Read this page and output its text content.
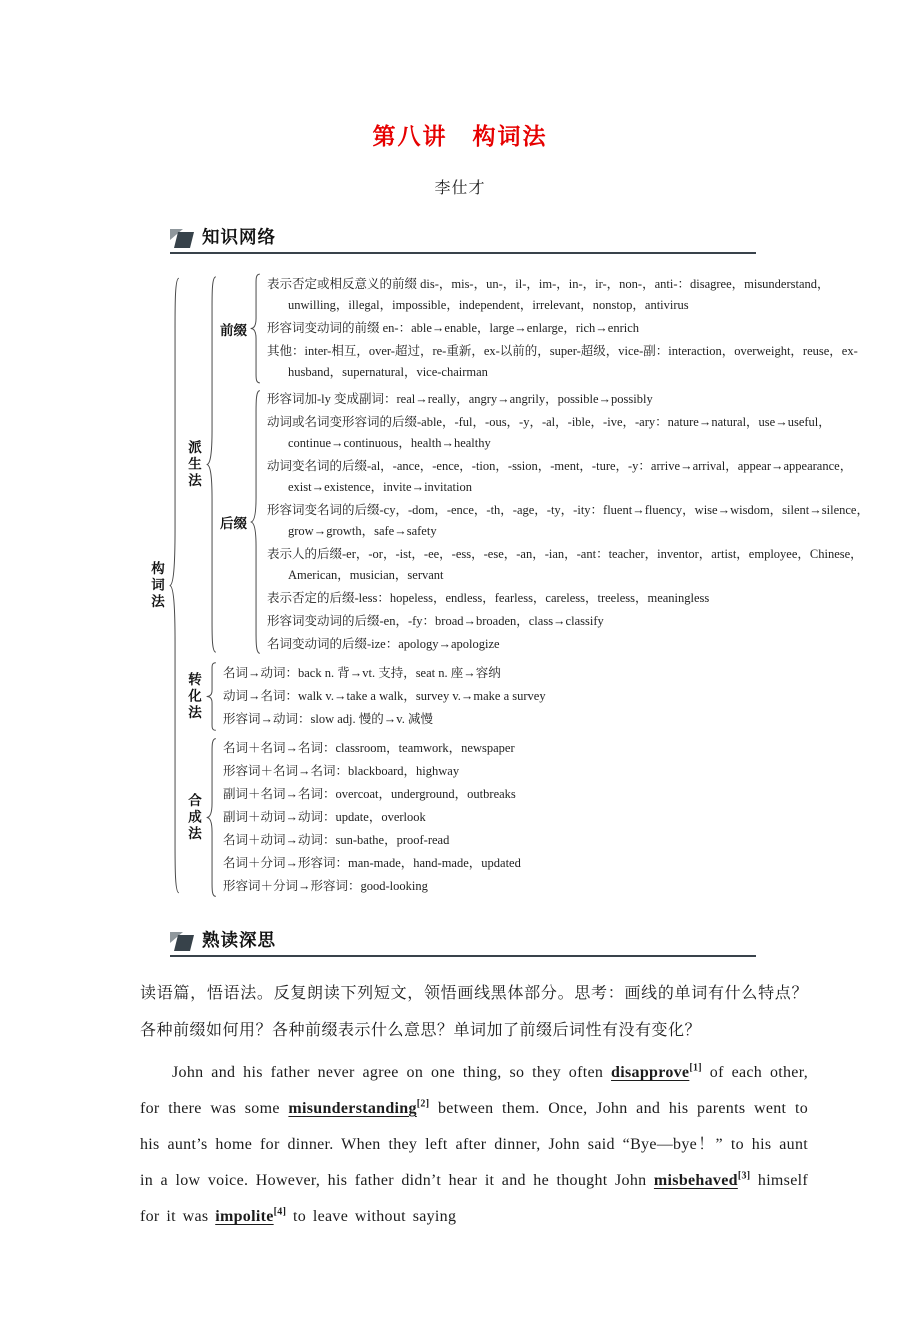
第八讲　构词法
李仕才
知识网络
构词法
派生法
前缀
表示否定或相反意义的前缀 dis-，mis-，un-，il-，im-，in-，ir-，non-，anti-：disagree，misunderstand，unwilling，illegal，impossible，independent，irrelevant，nonstop，antivirus
形容词变动词的前缀 en-：able→enable，large→enlarge，rich→enrich
其他：inter-相互，over-超过，re-重新，ex-以前的，super-超级，vice-副：interaction，overweight，reuse，ex-husband，supernatural，vice-chairman
后缀
形容词加-ly 变成副词：real→really，angry→angrily，possible→possibly
动词或名词变形容词的后缀-able，-ful，-ous，-y，-al，-ible，-ive，-ary：nature→natural，use→useful，continue→continuous，health→healthy
动词变名词的后缀-al，-ance，-ence，-tion，-ssion，-ment，-ture，-y：arrive→arrival，appear→appearance，exist→existence，invite→invitation
形容词变名词的后缀-cy，-dom，-ence，-th，-age，-ty，-ity：fluent→fluency，wise→wisdom，silent→silence，grow→growth，safe→safety
表示人的后缀-er，-or，-ist，-ee，-ess，-ese，-an，-ian，-ant：teacher，inventor，artist，employee，Chinese，American，musician，servant
表示否定的后缀-less：hopeless，endless，fearless，careless，treeless，meaningless
形容词变动词的后缀-en，-fy：broad→broaden，class→classify
名词变动词的后缀-ize：apology→apologize
转化法	名词→动词：back n. 背→vt. 支持，seat n. 座→容纳
动词→名词：walk v.→take a walk，survey v.→make a survey
形容词→动词：slow adj. 慢的→v. 减慢
合成法
名词＋名词→名词：classroom，teamwork，newspaper
形容词＋名词→名词：blackboard，highway
副词＋名词→名词：overcoat，underground，outbreaks
副词＋动词→动词：update，overlook
名词＋动词→动词：sun-bathe，proof-read
名词＋分词→形容词：man-made，hand-made，updated
形容词＋分词→形容词：good-looking
熟读深思

读语篇，悟语法。反复朗读下列短文，领悟画线黑体部分。思考：画线的单词有什么特点？各种前缀如何用？各种前缀表示什么意思？单词加了前缀后词性有没有变化？

John and his father never agree on one thing, so they often disapprove[1] of each other, for there was some misunderstanding[2] between them. Once, John and his parents went to his aunt’s home for dinner. When they left after dinner, John said “Bye—bye！” to his aunt in a low voice. However, his father didn’t hear it and he thought John misbehaved[3] himself for it was impolite[4] to leave without saying
